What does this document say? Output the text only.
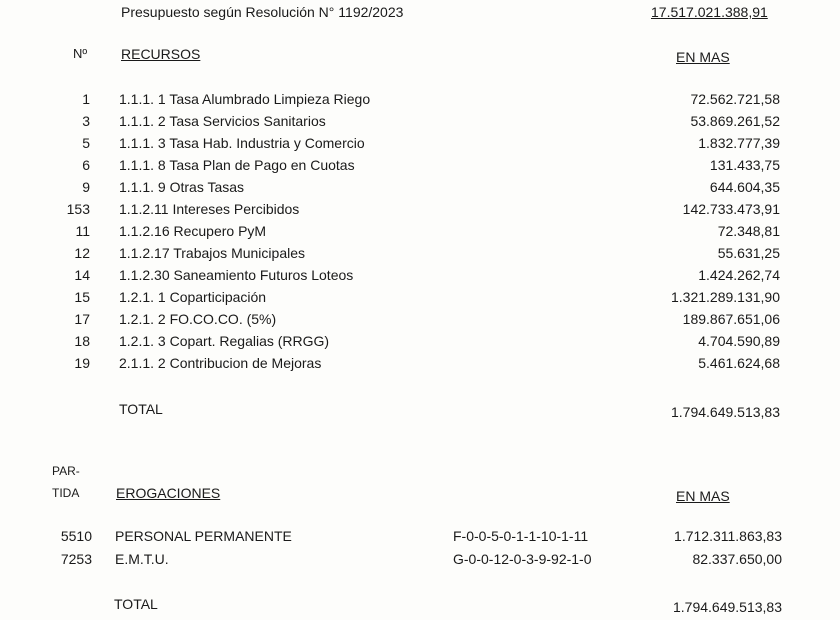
Presupuesto según Resolución N° 1192/2023	17.517.021.388,91
Nº RECURSOS	EN MAS
1 1.1.1. 1 Tasa Alumbrado Limpieza Riego	72.562.721,58
3 1.1.1. 2 Tasa Servicios Sanitarios	53.869.261,52
5 1.1.1. 3 Tasa Hab. Industria y Comercio	1.832.777,39
6 1.1.1. 8 Tasa Plan de Pago en Cuotas	131.433,75
9 1.1.1. 9 Otras Tasas	644.604,35
153 1.1.2.11 Intereses Percibidos	142.733.473,91
11 1.1.2.16 Recupero PyM	72.348,81
12 1.1.2.17 Trabajos Municipales	55.631,25
14 1.1.2.30 Saneamiento Futuros Loteos	1.424.262,74
15 1.2.1. 1 Coparticipación	1.321.289.131,90
17 1.2.1. 2 FO.CO.CO. (5%)	189.867.651,06
18 1.2.1. 3 Copart. Regalias (RRGG)	4.704.590,89
19 2.1.1. 2 Contribucion de Mejoras	5.461.624,68
TOTAL	1.794.649.513,83
PAR-
TIDA	EROGACIONES	EN MAS
5510 PERSONAL PERMANENTE	F-0-0-5-0-1-1-10-1-11	1.712.311.863,83
7253 E.M.T.U.	G-0-0-12-0-3-9-92-1-0	82.337.650,00
TOTAL	1.794.649.513,83
